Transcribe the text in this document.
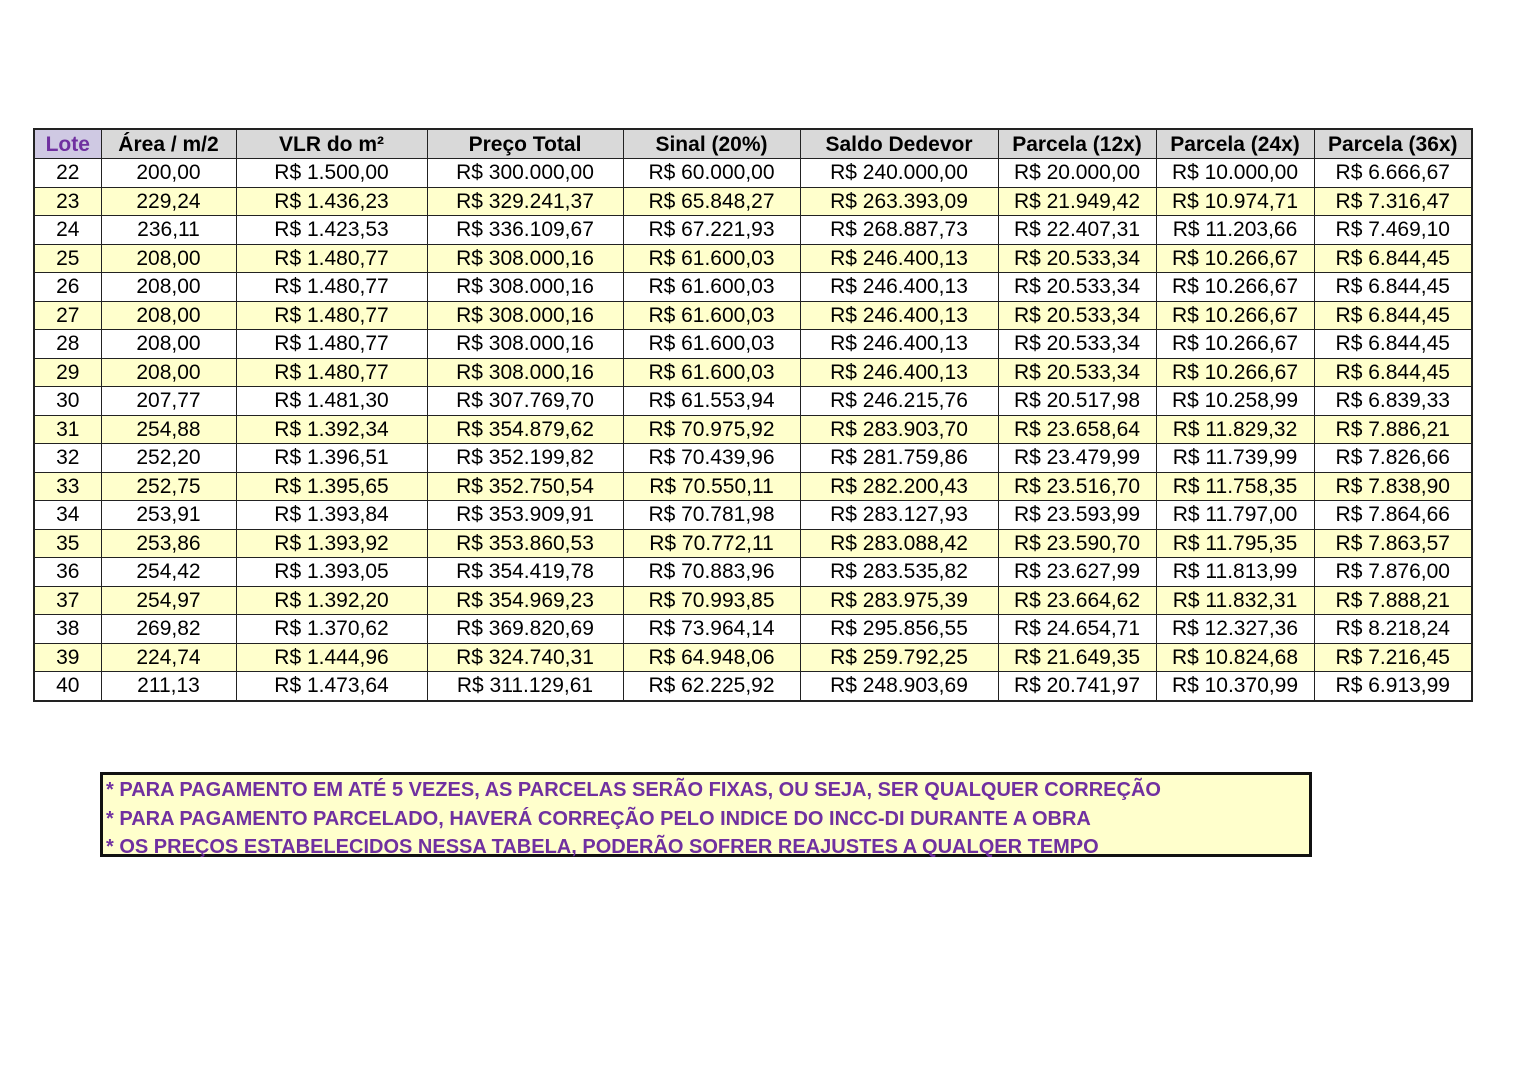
Lote	Área / m/2	VLR do m²	Preço Total	Sinal (20%)	Saldo Dedevor	Parcela (12x)	Parcela (24x)	Parcela (36x)
22	200,00	R$ 1.500,00	R$ 300.000,00	R$ 60.000,00	R$ 240.000,00	R$ 20.000,00	R$ 10.000,00	R$ 6.666,67
23	229,24	R$ 1.436,23	R$ 329.241,37	R$ 65.848,27	R$ 263.393,09	R$ 21.949,42	R$ 10.974,71	R$ 7.316,47
24	236,11	R$ 1.423,53	R$ 336.109,67	R$ 67.221,93	R$ 268.887,73	R$ 22.407,31	R$ 11.203,66	R$ 7.469,10
25	208,00	R$ 1.480,77	R$ 308.000,16	R$ 61.600,03	R$ 246.400,13	R$ 20.533,34	R$ 10.266,67	R$ 6.844,45
26	208,00	R$ 1.480,77	R$ 308.000,16	R$ 61.600,03	R$ 246.400,13	R$ 20.533,34	R$ 10.266,67	R$ 6.844,45
27	208,00	R$ 1.480,77	R$ 308.000,16	R$ 61.600,03	R$ 246.400,13	R$ 20.533,34	R$ 10.266,67	R$ 6.844,45
28	208,00	R$ 1.480,77	R$ 308.000,16	R$ 61.600,03	R$ 246.400,13	R$ 20.533,34	R$ 10.266,67	R$ 6.844,45
29	208,00	R$ 1.480,77	R$ 308.000,16	R$ 61.600,03	R$ 246.400,13	R$ 20.533,34	R$ 10.266,67	R$ 6.844,45
30	207,77	R$ 1.481,30	R$ 307.769,70	R$ 61.553,94	R$ 246.215,76	R$ 20.517,98	R$ 10.258,99	R$ 6.839,33
31	254,88	R$ 1.392,34	R$ 354.879,62	R$ 70.975,92	R$ 283.903,70	R$ 23.658,64	R$ 11.829,32	R$ 7.886,21
32	252,20	R$ 1.396,51	R$ 352.199,82	R$ 70.439,96	R$ 281.759,86	R$ 23.479,99	R$ 11.739,99	R$ 7.826,66
33	252,75	R$ 1.395,65	R$ 352.750,54	R$ 70.550,11	R$ 282.200,43	R$ 23.516,70	R$ 11.758,35	R$ 7.838,90
34	253,91	R$ 1.393,84	R$ 353.909,91	R$ 70.781,98	R$ 283.127,93	R$ 23.593,99	R$ 11.797,00	R$ 7.864,66
35	253,86	R$ 1.393,92	R$ 353.860,53	R$ 70.772,11	R$ 283.088,42	R$ 23.590,70	R$ 11.795,35	R$ 7.863,57
36	254,42	R$ 1.393,05	R$ 354.419,78	R$ 70.883,96	R$ 283.535,82	R$ 23.627,99	R$ 11.813,99	R$ 7.876,00
37	254,97	R$ 1.392,20	R$ 354.969,23	R$ 70.993,85	R$ 283.975,39	R$ 23.664,62	R$ 11.832,31	R$ 7.888,21
38	269,82	R$ 1.370,62	R$ 369.820,69	R$ 73.964,14	R$ 295.856,55	R$ 24.654,71	R$ 12.327,36	R$ 8.218,24
39	224,74	R$ 1.444,96	R$ 324.740,31	R$ 64.948,06	R$ 259.792,25	R$ 21.649,35	R$ 10.824,68	R$ 7.216,45
40	211,13	R$ 1.473,64	R$ 311.129,61	R$ 62.225,92	R$ 248.903,69	R$ 20.741,97	R$ 10.370,99	R$ 6.913,99
* PARA PAGAMENTO EM ATÉ 5 VEZES, AS PARCELAS SERÃO FIXAS, OU SEJA, SER QUALQUER CORREÇÃO
* PARA PAGAMENTO PARCELADO, HAVERÁ CORREÇÃO PELO INDICE DO INCC-DI DURANTE A OBRA
* OS PREÇOS ESTABELECIDOS NESSA TABELA, PODERÃO SOFRER REAJUSTES A QUALQER TEMPO
